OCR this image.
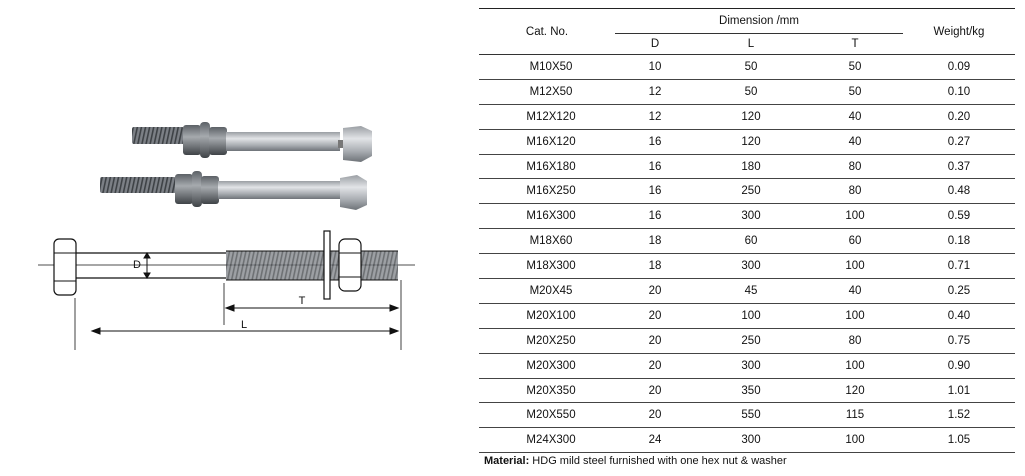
D
T
L
Cat. No.	Dimension /mm			Weight/kg
	D	L	T	
M10X50	10	50	50	0.09
M12X50	12	50	50	0.10
M12X120	12	120	40	0.20
M16X120	16	120	40	0.27
M16X180	16	180	80	0.37
M16X250	16	250	80	0.48
M16X300	16	300	100	0.59
M18X60	18	60	60	0.18
M18X300	18	300	100	0.71
M20X45	20	45	40	0.25
M20X100	20	100	100	0.40
M20X250	20	250	80	0.75
M20X300	20	300	100	0.90
M20X350	20	350	120	1.01
M20X550	20	550	115	1.52
M24X300	24	300	100	1.05
Material: HDG mild steel furnished with one hex nut & washer
